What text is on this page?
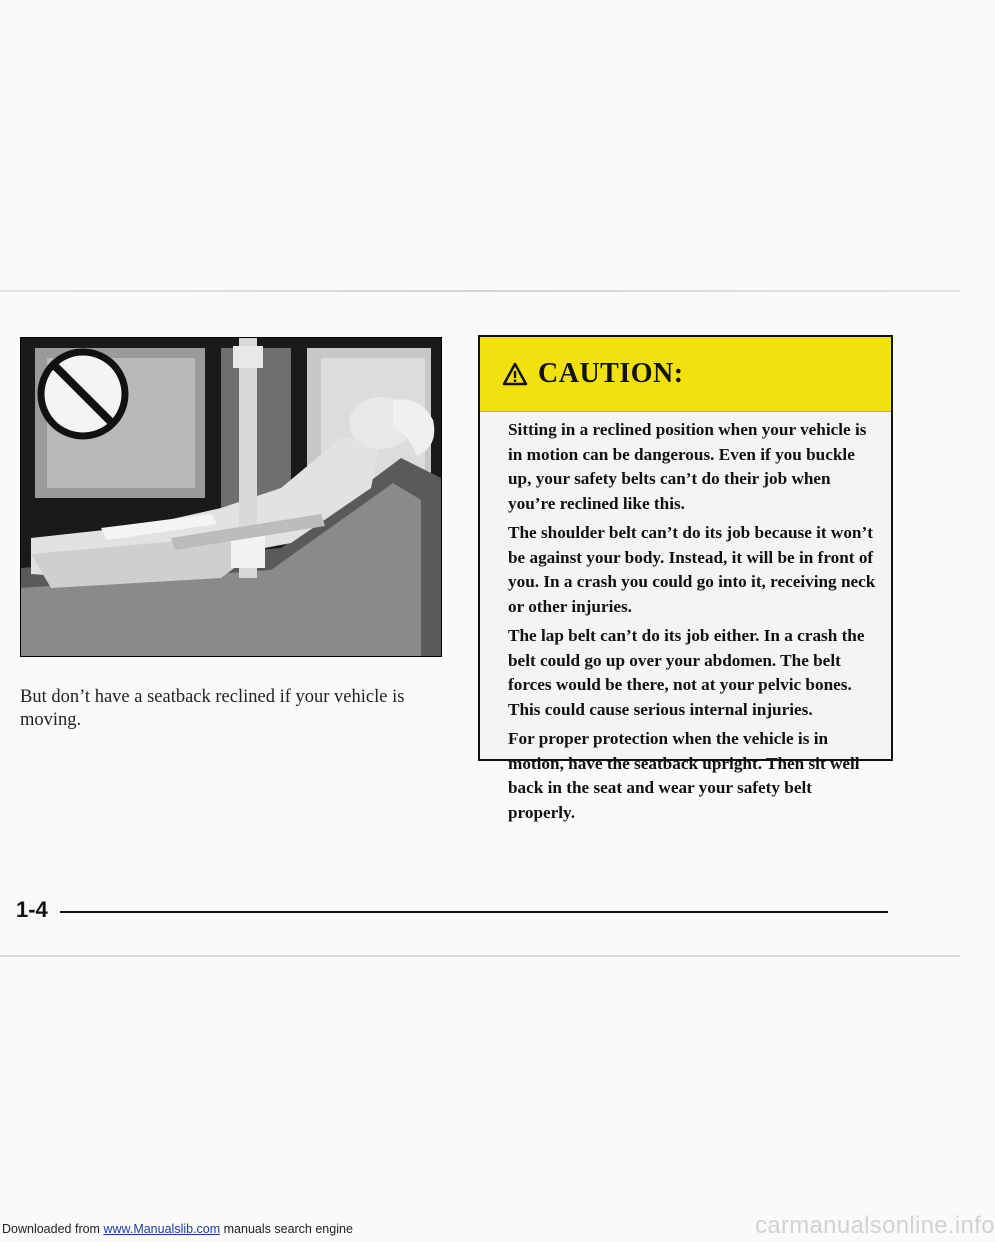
But don’t have a seatback reclined if your vehicle is moving.
CAUTION:

Sitting in a reclined position when your vehicle is in motion can be dangerous. Even if you buckle up, your safety belts can’t do their job when you’re reclined like this.

The shoulder belt can’t do its job because it won’t be against your body. Instead, it will be in front of you. In a crash you could go into it, receiving neck or other injuries.

The lap belt can’t do its job either. In a crash the belt could go up over your abdomen. The belt forces would be there, not at your pelvic bones. This could cause serious internal injuries.

For proper protection when the vehicle is in motion, have the seatback upright. Then sit well back in the seat and wear your safety belt properly.

1-4
Downloaded from www.Manualslib.com manuals search engine	carmanualsonline.info
